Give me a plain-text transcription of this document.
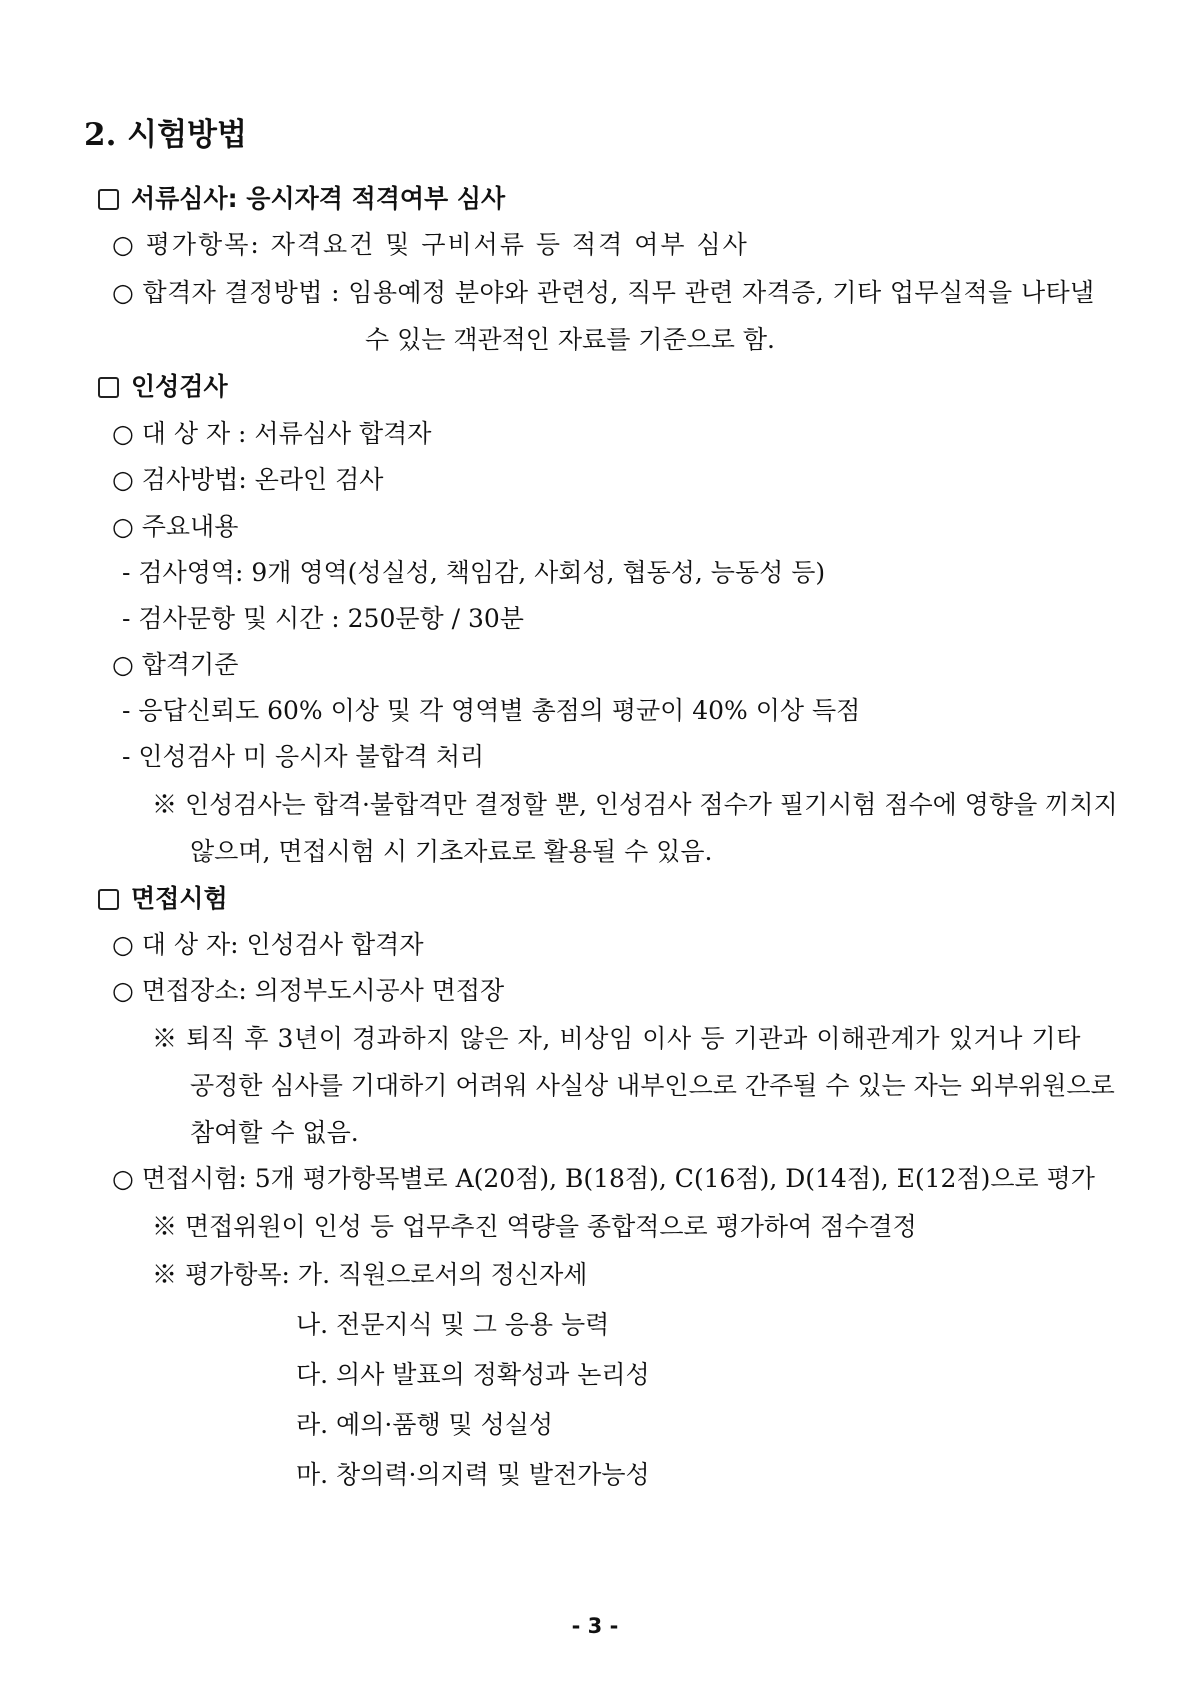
2. 시험방법
서류심사: 응시자격 적격여부 심사
○ 평가항목: 자격요건 및 구비서류 등 적격 여부 심사
○ 합격자 결정방법 : 임용예정 분야와 관련성, 직무 관련 자격증, 기타 업무실적을 나타낼
수 있는 객관적인 자료를 기준으로 함.
인성검사
○ 대 상 자 : 서류심사 합격자
○ 검사방법: 온라인 검사
○ 주요내용
- 검사영역: 9개 영역(성실성, 책임감, 사회성, 협동성, 능동성 등)
- 검사문항 및 시간 : 250문항 / 30분
○ 합격기준
- 응답신뢰도 60% 이상 및 각 영역별 총점의 평균이 40% 이상 득점
- 인성검사 미 응시자 불합격 처리
※ 인성검사는 합격·불합격만 결정할 뿐, 인성검사 점수가 필기시험 점수에 영향을 끼치지
않으며, 면접시험 시 기초자료로 활용될 수 있음.
면접시험
○ 대 상 자: 인성검사 합격자
○ 면접장소: 의정부도시공사 면접장
※ 퇴직 후 3년이 경과하지 않은 자, 비상임 이사 등 기관과 이해관계가 있거나 기타
공정한 심사를 기대하기 어려워 사실상 내부인으로 간주될 수 있는 자는 외부위원으로
참여할 수 없음.
○ 면접시험: 5개 평가항목별로 A(20점), B(18점), C(16점), D(14점), E(12점)으로 평가
※ 면접위원이 인성 등 업무추진 역량을 종합적으로 평가하여 점수결정
※ 평가항목: 가. 직원으로서의 정신자세
나. 전문지식 및 그 응용 능력
다. 의사 발표의 정확성과 논리성
라. 예의·품행 및 성실성
마. 창의력·의지력 및 발전가능성
- 3 -
